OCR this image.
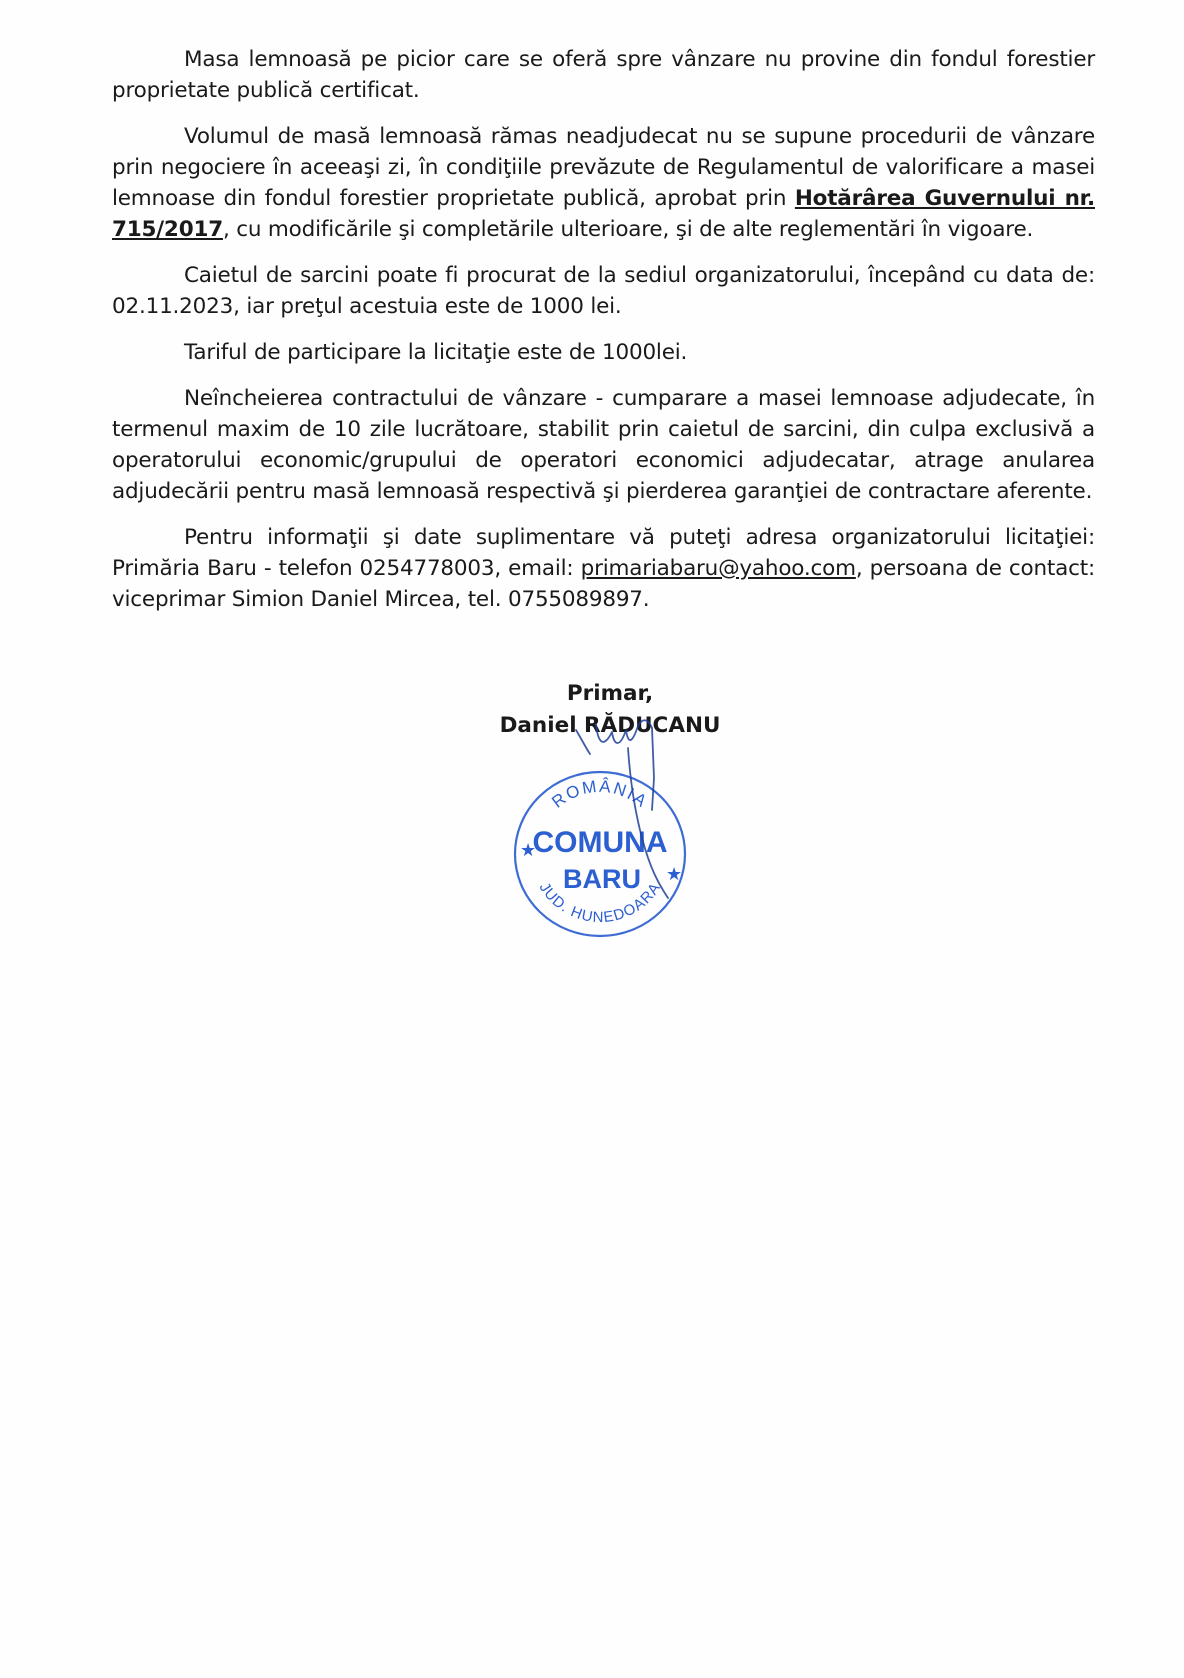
Masa lemnoasă pe picior care se oferă spre vânzare nu provine din fondul forestier proprietate publică certificat.

Volumul de masă lemnoasă rămas neadjudecat nu se supune procedurii de vânzare prin negociere în aceeaşi zi, în condiţiile prevăzute de Regulamentul de valorificare a masei lemnoase din fondul forestier proprietate publică, aprobat prin Hotărârea Guvernului nr. 715/2017, cu modificările şi completările ulterioare, şi de alte reglementări în vigoare.

Caietul de sarcini poate fi procurat de la sediul organizatorului, începând cu data de: 02.11.2023, iar preţul acestuia este de 1000 lei.

Tariful de participare la licitaţie este de 1000lei.

Neîncheierea contractului de vânzare - cumparare a masei lemnoase adjudecate, în termenul maxim de 10 zile lucrătoare, stabilit prin caietul de sarcini, din culpa exclusivă a operatorului economic/grupului de operatori economici adjudecatar, atrage anularea adjudecării pentru masă lemnoasă respectivă şi pierderea garanţiei de contractare aferente.

Pentru informaţii şi date suplimentare vă puteţi adresa organizatorului licitaţiei: Primăria Baru - telefon 0254778003, email: primariabaru@yahoo.com, persoana de contact: viceprimar Simion Daniel Mircea, tel. 0755089897.

Primar,
Daniel RĂDUCANU
ROMÂNIA
COMUNA
BARU
JUD. HUNEDOARA
★
★
